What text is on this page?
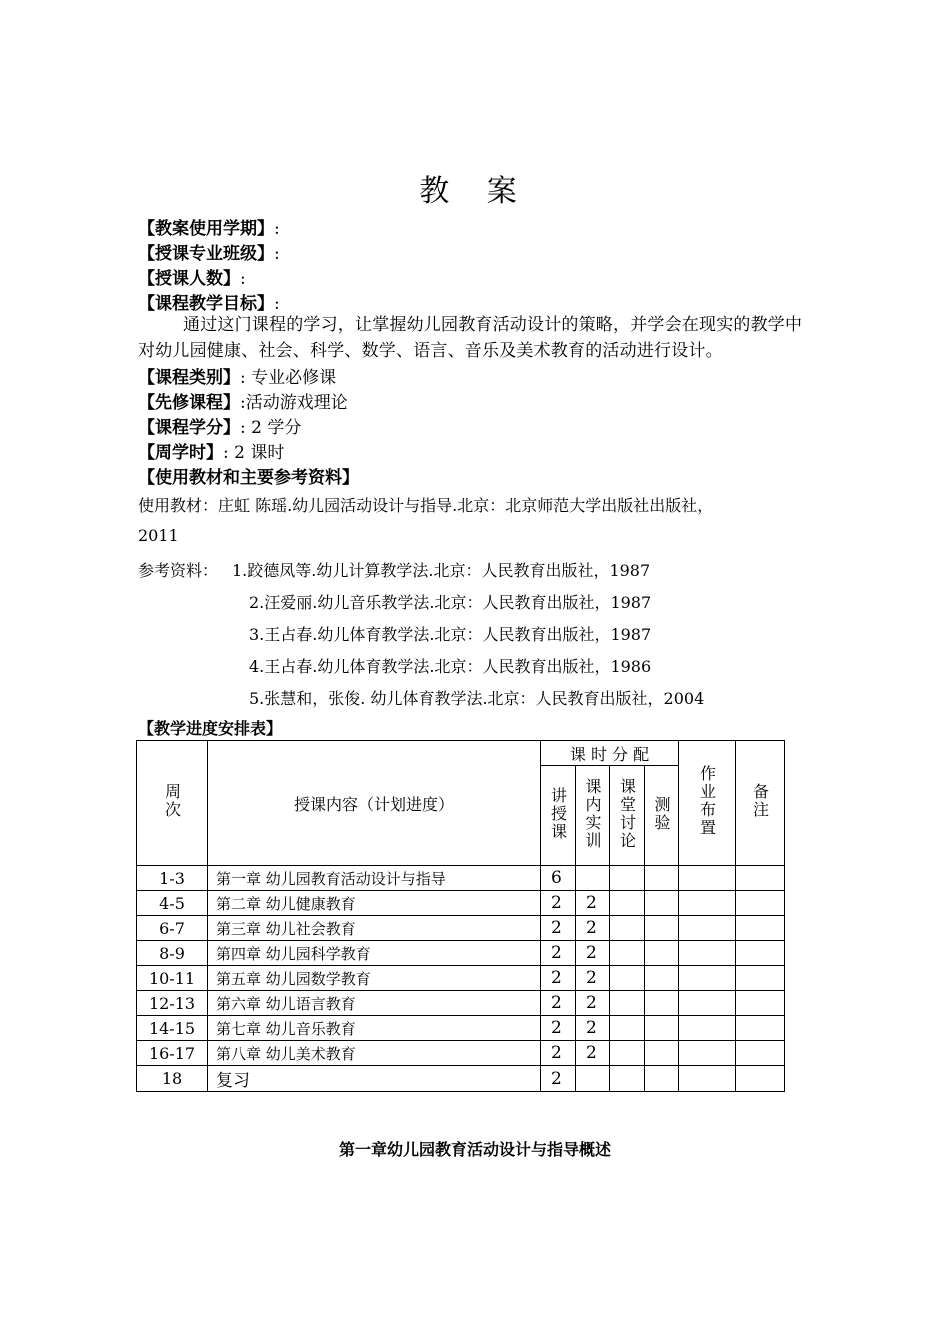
教 案
【教案使用学期】:
【授课专业班级】:
【授课人数】:
【课程教学目标】:
通过这门课程的学习，让掌握幼儿园教育活动设计的策略，并学会在现实的教学中对幼儿园健康、社会、科学、数学、语言、音乐及美术教育的活动进行设计。
【课程类别】: 专业必修课
【先修课程】:活动游戏理论
【课程学分】: 2 学分
【周学时】: 2 课时
【使用教材和主要参考资料】
使用教材：庄虹 陈瑶.幼儿园活动设计与指导.北京：北京师范大学出版社出版社，
2011
参考资料： 1.跤德凤等.幼儿计算教学法.北京：人民教育出版社，1987
2.汪爱丽.幼儿音乐教学法.北京：人民教育出版社，1987
3.王占春.幼儿体育教学法.北京：人民教育出版社，1987
4.王占春.幼儿体育教学法.北京：人民教育出版社，1986
5.张慧和，张俊. 幼儿体育教学法.北京：人民教育出版社，2004
【教学进度安排表】
周次	授课内容（计划进度）	课 时 分 配				作业布置	备注
		讲授课	课内实训	课堂讨论	测验		
1-3	第一章 幼儿园教育活动设计与指导	6					
4-5	第二章 幼儿健康教育	2	2				
6-7	第三章 幼儿社会教育	2	2				
8-9	第四章 幼儿园科学教育	2	2				
10-11	第五章 幼儿园数学教育	2	2				
12-13	第六章 幼儿语言教育	2	2				
14-15	第七章 幼儿音乐教育	2	2				
16-17	第八章 幼儿美术教育	2	2				
18	复习	2					
第一章幼儿园教育活动设计与指导概述
